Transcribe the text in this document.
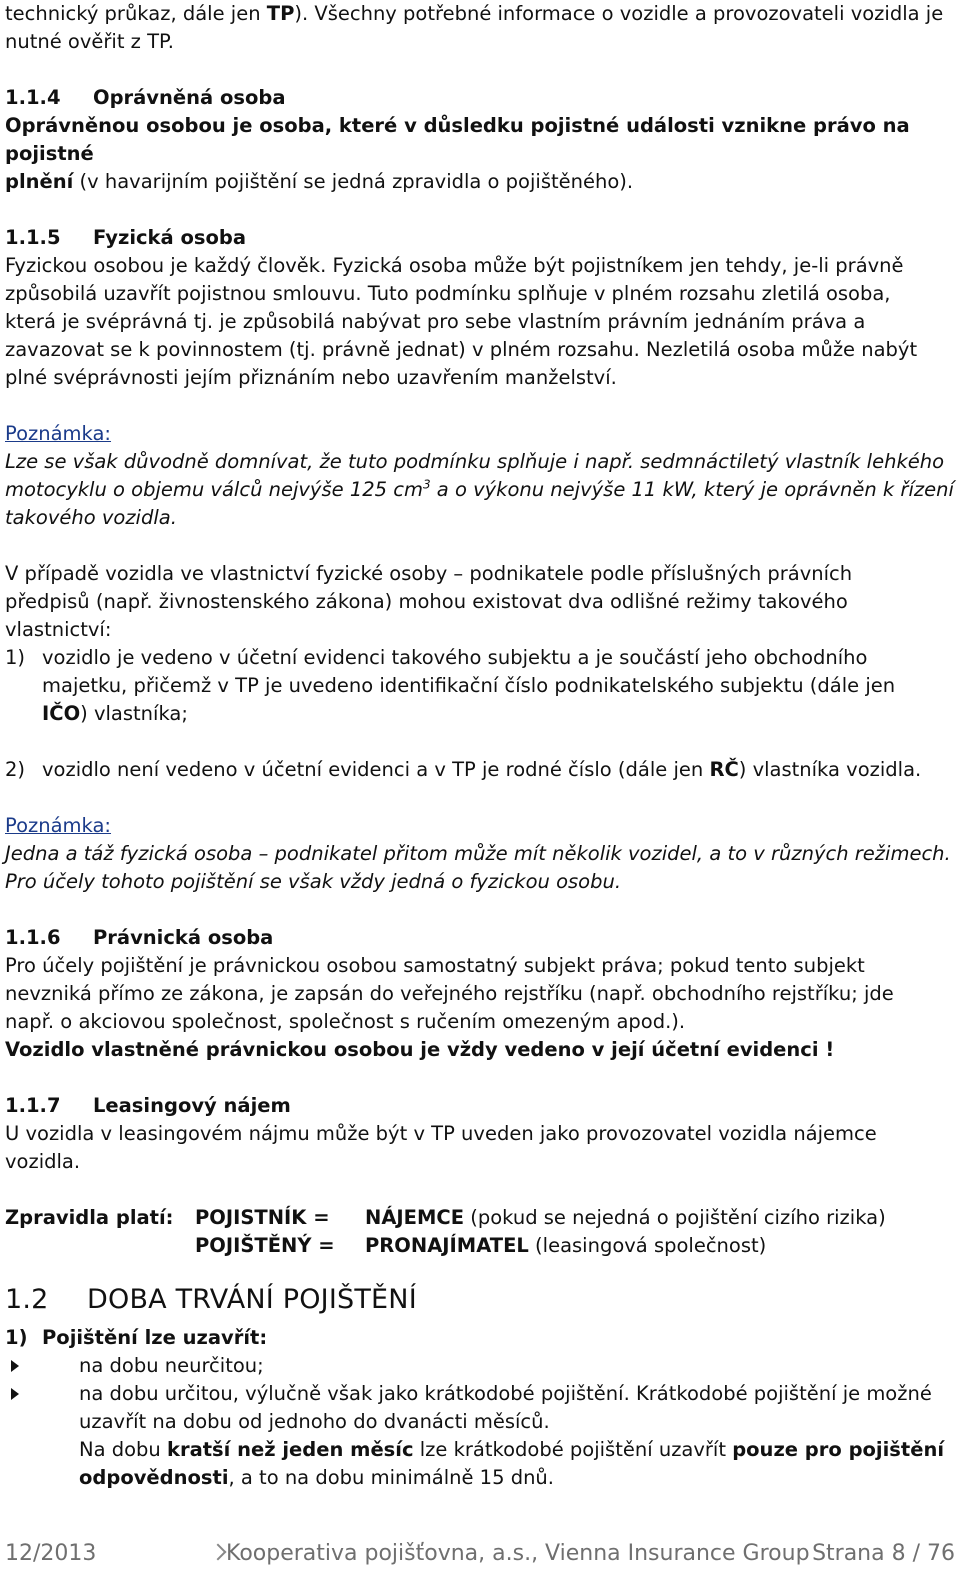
technický průkaz, dále jen TP). Všechny potřebné informace o vozidle a provozovateli vozidla je
nutné ověřit z TP.

1.1.4 Oprávněná osoba

Oprávněnou osobou je osoba, které v důsledku pojistné události vznikne právo na pojistné
plnění (v havarijním pojištění se jedná zpravidla o pojištěného).

1.1.5 Fyzická osoba

Fyzickou osobou je každý člověk. Fyzická osoba může být pojistníkem jen tehdy, je-li právně
způsobilá uzavřít pojistnou smlouvu. Tuto podmínku splňuje v plném rozsahu zletilá osoba,
která je svéprávná tj. je způsobilá nabývat pro sebe vlastním právním jednáním práva a
zavazovat se k povinnostem (tj. právně jednat) v plném rozsahu. Nezletilá osoba může nabýt
plné svéprávnosti jejím přiznáním nebo uzavřením manželství.

Poznámka:

Lze se však důvodně domnívat, že tuto podmínku splňuje i např. sedmnáctiletý vlastník lehkého
motocyklu o objemu válců nejvýše 125 $cm^3$ a o výkonu nejvýše 11 kW, který je oprávněn k řízení
takového vozidla.

V případě vozidla ve vlastnictví fyzické osoby – podnikatele podle příslušných právních
předpisů (např. živnostenského zákona) mohou existovat dva odlišné režimy takového
vlastnictví:

1) vozidlo je vedeno v účetní evidenci takového subjektu a je součástí jeho obchodního
majetku, přičemž v TP je uvedeno identifikační číslo podnikatelského subjektu (dále jen
IČO) vlastníka;
2) vozidlo není vedeno v účetní evidenci a v TP je rodné číslo (dále jen RČ) vlastníka vozidla.

Poznámka:

Jedna a táž fyzická osoba – podnikatel přitom může mít několik vozidel, a to v různých režimech.
Pro účely tohoto pojištění se však vždy jedná o fyzickou osobu.

1.1.6 Právnická osoba

Pro účely pojištění je právnickou osobou samostatný subjekt práva; pokud tento subjekt
nevzniká přímo ze zákona, je zapsán do veřejného rejstříku (např. obchodního rejstříku; jde
např. o akciovou společnost, společnost s ručením omezeným apod.).
Vozidlo vlastněné právnickou osobou je vždy vedeno v její účetní evidenci !

1.1.7 Leasingový nájem

U vozidla v leasingovém nájmu může být v TP uveden jako provozovatel vozidla nájemce
vozidla.

Zpravidla platí:	POJISTNÍK =	NÁJEMCE (pokud se nejedná o pojištění cizího rizika)
POJIŠTĚNÝ =	PRONAJÍMATEL (leasingová společnost)

1.2 DOBA TRVÁNÍ POJIŠTĚNÍ

1) Pojištění lze uzavřít:

na dobu neurčitou;
na dobu určitou, výlučně však jako krátkodobé pojištění. Krátkodobé pojištění je možné
uzavřít na dobu od jednoho do dvanácti měsíců.

Na dobu kratší než jeden měsíc lze krátkodobé pojištění uzavřít pouze pro pojištění
odpovědnosti, a to na dobu minimálně 15 dnů.

12/2013	Kooperativa pojišťovna, a.s., Vienna Insurance Group Strana 8 / 76
